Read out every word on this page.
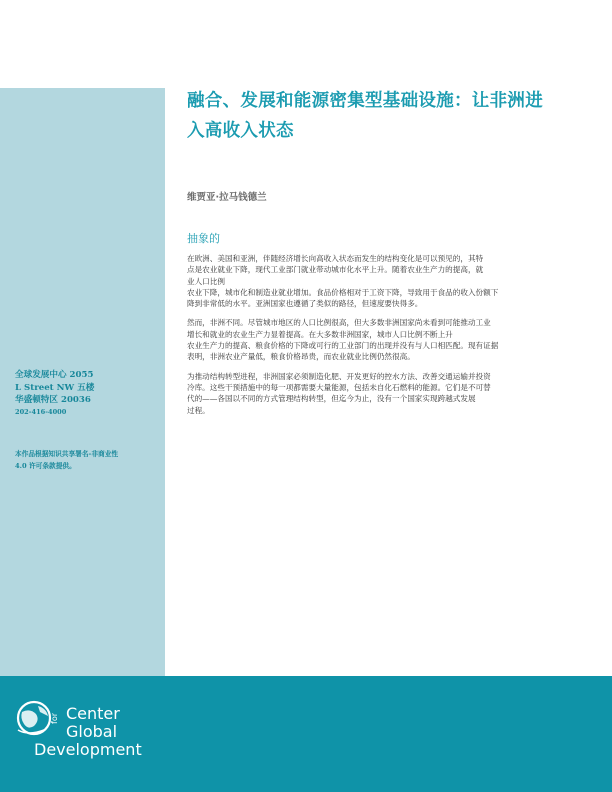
融合、发展和能源密集型基础设施：让非洲进
入高收入状态
维贾亚·拉马钱德兰
抽象的

在欧洲、美国和亚洲，伴随经济增长向高收入状态而发生的结构变化是可以预见的，其特
点是农业就业下降，现代工业部门就业带动城市化水平上升。随着农业生产力的提高，就
业人口比例
农业下降，城市化和制造业就业增加。食品价格相对于工资下降，导致用于食品的收入份额下
降到非常低的水平。亚洲国家也遵循了类似的路径，但速度要快得多。

然而，非洲不同。尽管城市地区的人口比例很高，但大多数非洲国家尚未看到可能推动工业
增长和就业的农业生产力显着提高。在大多数非洲国家，城市人口比例不断上升
农业生产力的提高、粮食价格的下降或可行的工业部门的出现并没有与人口相匹配。现有证据
表明，非洲农业产量低，粮食价格昂贵，而农业就业比例仍然很高。

为推动结构转型进程，非洲国家必须制造化肥、开发更好的控水方法、改善交通运输并投资
冷库。这些干预措施中的每一项都需要大量能源，包括未自化石燃料的能源。它们是不可替
代的——各国以不同的方式管理结构转型，但迄今为止，没有一个国家实现跨越式发展
过程。

全球发展中心 2055
L Street NW 五楼
华盛顿特区 20036
202-416-4000
本作品根据知识共享署名-非商业性
4.0 许可条款提供。
for Center
Global
Development
